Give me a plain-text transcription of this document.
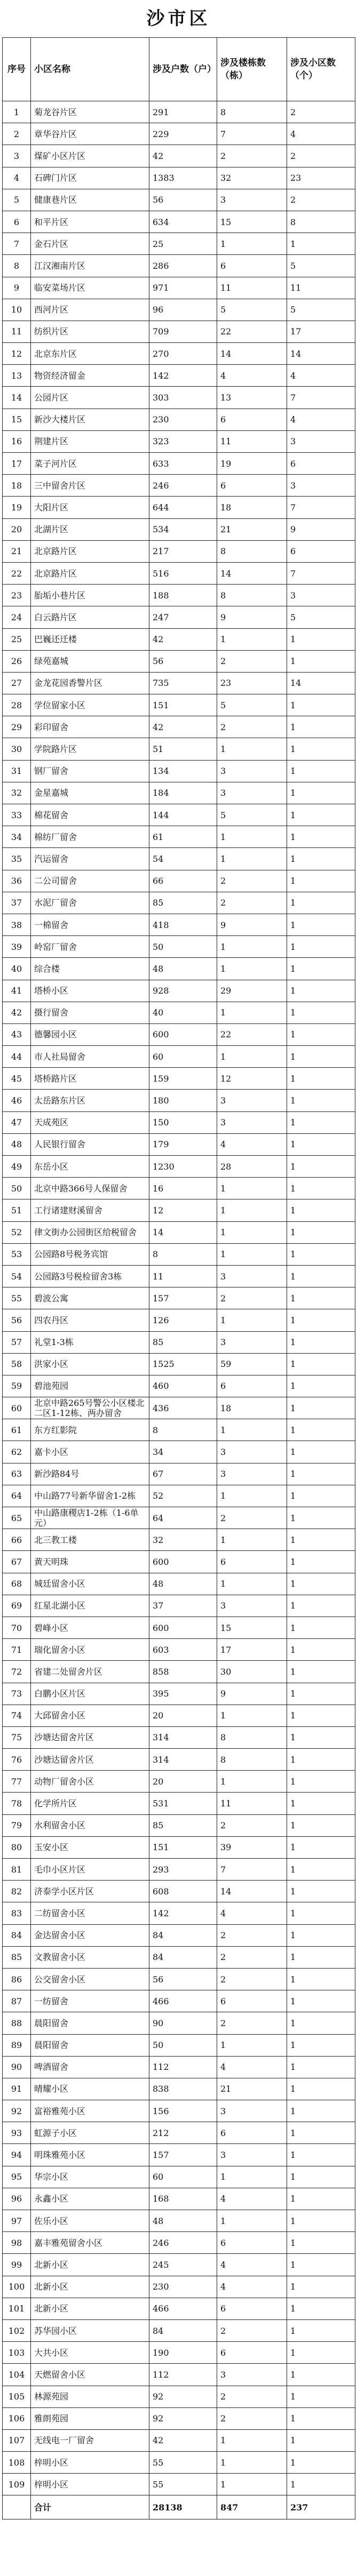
沙市区
序号	小区名称	涉及户数（户）	涉及楼栋数（栋）	涉及小区数（个）
1	菊龙谷片区	291	8	2
2	章华谷片区	229	7	4
3	煤矿小区片区	42	2	2
4	石碑门片区	1383	32	23
5	健康巷片区	56	3	2
6	和平片区	634	15	8
7	金石片区	25	1	1
8	江汉湘南片区	286	6	5
9	临安菜场片区	971	11	11
10	西河片区	96	5	5
11	纺织片区	709	22	17
12	北京东片区	270	14	14
13	物资经济留金	142	4	4
14	公园片区	303	13	7
15	新沙大楼片区	230	6	4
16	荆建片区	323	11	3
17	菜子河片区	633	19	6
18	三中留舍片区	246	6	3
19	大阳片区	644	18	7
20	北湖片区	534	21	9
21	北京路片区	217	8	6
22	北京路片区	516	14	7
23	胎垢小巷片区	188	8	3
24	白云路片区	247	9	5
25	巴巍还迁楼	42	1	1
26	绿苑嘉城	56	2	1
27	金龙花园香警片区	735	23	14
28	学位留家小区	151	5	1
29	彩印留舍	42	2	1
30	学院路片区	51	1	1
31	钢厂留舍	134	3	1
32	金星嘉城	184	3	1
33	棉花留舍	144	5	1
34	棉纺厂留舍	61	1	1
35	汽运留舍	54	1	1
36	二公司留舍	66	2	1
37	水泥厂留舍	85	2	1
38	一棉留舍	418	9	1
39	岭窑厂留舍	50	1	1
40	综合楼	48	1	1
41	塔桥小区	928	29	1
42	摄行留舍	40	1	1
43	德馨园小区	600	22	1
44	市人社局留舍	60	1	1
45	塔桥路片区	159	12	1
46	太岳路东片区	180	3	1
47	天成苑区	150	3	1
48	人民银行留舍	179	4	1
49	东岳小区	1230	28	1
50	北京中路366号人保留舍	16	1	1
51	工行诸建财溪留舍	12	1	1
52	律文街办公园街区给税留舍	14	1	1
53	公园路8号税务宾馆	8	1	1
54	公园路3号税检留舍3栋	11	3	1
55	碧波公寓	157	2	1
56	四农丹区	126	1	1
57	礼堂1-3栋	85	3	1
58	洪家小区	1525	59	1
59	碧池苑园	460	6	1
60	北京中路265号警公小区楼北二区1-12栋、两办留舍	436	18	1
61	东方红影院	8	1	1
62	嘉卡小区	34	3	1
63	新沙路84号	67	3	1
64	中山路77号新华留舍1-2栋	52	1	1
65	中山路康稷店1-2栋（1-6单元）	64	2	1
66	北三教工楼	32	1	1
67	黄天明珠	600	6	1
68	城廷留舍小区	48	1	1
69	红星北湖小区	37	3	1
70	碧峰小区	600	15	1
71	瑞化留舍小区	603	17	1
72	省建二处留舍片区	858	30	1
73	白鹏小区片区	395	9	1
74	大邱留舍小区	20	1	1
75	沙塘达留舍片区	314	8	1
76	沙塘达留舍片区	314	8	1
77	动物厂留舍小区	20	1	1
78	化学所片区	531	11	1
79	水利留舍小区	85	2	1
80	玉安小区	151	39	1
81	毛巾小区片区	293	7	1
82	济泰学小区片区	608	14	1
83	二纺留舍小区	142	4	1
84	金达留舍小区	84	2	1
85	文教留舍小区	84	2	1
86	公交留舍小区	56	2	1
87	一纺留舍	466	6	1
88	晨阳留舍	90	2	1
89	晨阳留舍	50	1	1
90	啤酒留舍	112	4	1
91	晴耀小区	838	21	1
92	富裕雅苑小区	156	3	1
93	虹源子小区	212	6	1
94	明珠雅苑小区	157	3	1
95	华宗小区	60	1	1
96	永鑫小区	168	4	1
97	佐乐小区	48	1	1
98	嘉丰雅苑留舍小区	246	6	1
99	北新小区	245	4	1
100	北新小区	230	4	1
101	北新小区	466	6	1
102	苏华园小区	84	2	1
103	大共小区	190	6	1
104	天燃留舍小区	112	3	1
105	林源苑园	92	2	1
106	雅朗苑园	92	2	1
107	无线电一厂留舍	42	1	1
108	梓明小区	55	1	1
109	梓明小区	55	1	1
	合计	28138	847	237
